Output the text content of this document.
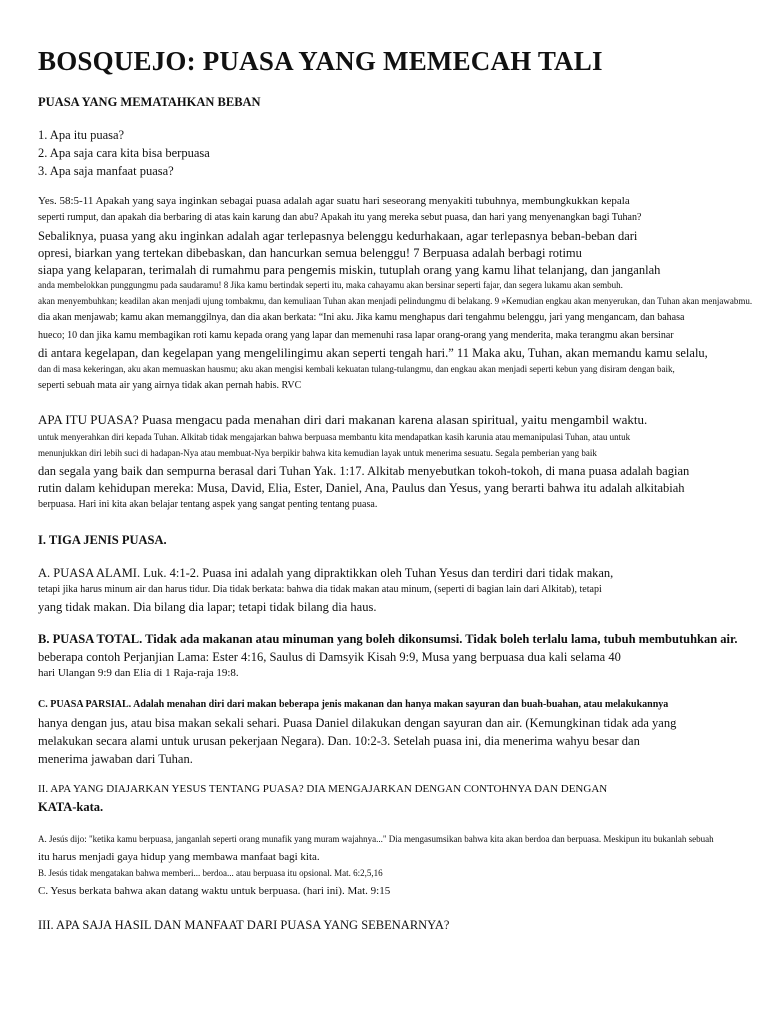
BOSQUEJO: PUASA YANG MEMECAH TALI
PUASA YANG MEMATAHKAN BEBAN
1. Apa itu puasa?
2. Apa saja cara kita bisa berpuasa
3. Apa saja manfaat puasa?
Yes. 58:5-11 Apakah yang saya inginkan sebagai puasa adalah agar suatu hari seseorang menyakiti tubuhnya, membungkukkan kepala
seperti rumput, dan apakah dia berbaring di atas kain karung dan abu? Apakah itu yang mereka sebut puasa, dan hari yang menyenangkan bagi Tuhan?
Sebaliknya, puasa yang aku inginkan adalah agar terlepasnya belenggu kedurhakaan, agar terlepasnya beban-beban dari
opresi, biarkan yang tertekan dibebaskan, dan hancurkan semua belenggu! 7 Berpuasa adalah berbagi rotimu
siapa yang kelaparan, terimalah di rumahmu para pengemis miskin, tutuplah orang yang kamu lihat telanjang, dan janganlah
anda membelokkan punggungmu pada saudaramu! 8 Jika kamu bertindak seperti itu, maka cahayamu akan bersinar seperti fajar, dan segera lukamu akan sembuh.
akan menyembuhkan; keadilan akan menjadi ujung tombakmu, dan kemuliaan Tuhan akan menjadi pelindungmu di belakang. 9 »Kemudian engkau akan menyerukan, dan Tuhan akan menjawabmu.
dia akan menjawab; kamu akan memanggilnya, dan dia akan berkata: “Ini aku. Jika kamu menghapus dari tengahmu belenggu, jari yang mengancam, dan bahasa
hueco; 10 dan jika kamu membagikan roti kamu kepada orang yang lapar dan memenuhi rasa lapar orang-orang yang menderita, maka terangmu akan bersinar
di antara kegelapan, dan kegelapan yang mengelilingimu akan seperti tengah hari.” 11 Maka aku, Tuhan, akan memandu kamu selalu,
dan di masa kekeringan, aku akan memuaskan hausmu; aku akan mengisi kembali kekuatan tulang-tulangmu, dan engkau akan menjadi seperti kebun yang disiram dengan baik,
seperti sebuah mata air yang airnya tidak akan pernah habis. RVC
APA ITU PUASA? Puasa mengacu pada menahan diri dari makanan karena alasan spiritual, yaitu mengambil waktu.
untuk menyerahkan diri kepada Tuhan. Alkitab tidak mengajarkan bahwa berpuasa membantu kita mendapatkan kasih karunia atau memanipulasi Tuhan, atau untuk
menunjukkan diri lebih suci di hadapan-Nya atau membuat-Nya berpikir bahwa kita kemudian layak untuk menerima sesuatu. Segala pemberian yang baik
dan segala yang baik dan sempurna berasal dari Tuhan Yak. 1:17. Alkitab menyebutkan tokoh-tokoh, di mana puasa adalah bagian
rutin dalam kehidupan mereka: Musa, David, Elia, Ester, Daniel, Ana, Paulus dan Yesus, yang berarti bahwa itu adalah alkitabiah
berpuasa. Hari ini kita akan belajar tentang aspek yang sangat penting tentang puasa.
I. TIGA JENIS PUASA.
A. PUASA ALAMI. Luk. 4:1-2. Puasa ini adalah yang dipraktikkan oleh Tuhan Yesus dan terdiri dari tidak makan,
tetapi jika harus minum air dan harus tidur. Dia tidak berkata: bahwa dia tidak makan atau minum, (seperti di bagian lain dari Alkitab), tetapi
yang tidak makan. Dia bilang dia lapar; tetapi tidak bilang dia haus.
B. PUASA TOTAL. Tidak ada makanan atau minuman yang boleh dikonsumsi. Tidak boleh terlalu lama, tubuh membutuhkan air.
beberapa contoh Perjanjian Lama: Ester 4:16, Saulus di Damsyik Kisah 9:9, Musa yang berpuasa dua kali selama 40
hari Ulangan 9:9 dan Elia di 1 Raja-raja 19:8.
C. PUASA PARSIAL. Adalah menahan diri dari makan beberapa jenis makanan dan hanya makan sayuran dan buah-buahan, atau melakukannya
hanya dengan jus, atau bisa makan sekali sehari. Puasa Daniel dilakukan dengan sayuran dan air. (Kemungkinan tidak ada yang
melakukan secara alami untuk urusan pekerjaan Negara). Dan. 10:2-3. Setelah puasa ini, dia menerima wahyu besar dan
menerima jawaban dari Tuhan.
II. APA YANG DIAJARKAN YESUS TENTANG PUASA? DIA MENGAJARKAN DENGAN CONTOHNYA DAN DENGAN
KATA-kata.
A. Jesús dijo: "ketika kamu berpuasa, janganlah seperti orang munafik yang muram wajahnya..." Dia mengasumsikan bahwa kita akan berdoa dan berpuasa. Meskipun itu bukanlah sebuah
itu harus menjadi gaya hidup yang membawa manfaat bagi kita.
B. Jesús tidak mengatakan bahwa memberi... berdoa... atau berpuasa itu opsional. Mat. 6:2,5,16
C. Yesus berkata bahwa akan datang waktu untuk berpuasa. (hari ini). Mat. 9:15
III. APA SAJA HASIL DAN MANFAAT DARI PUASA YANG SEBENARNYA?
